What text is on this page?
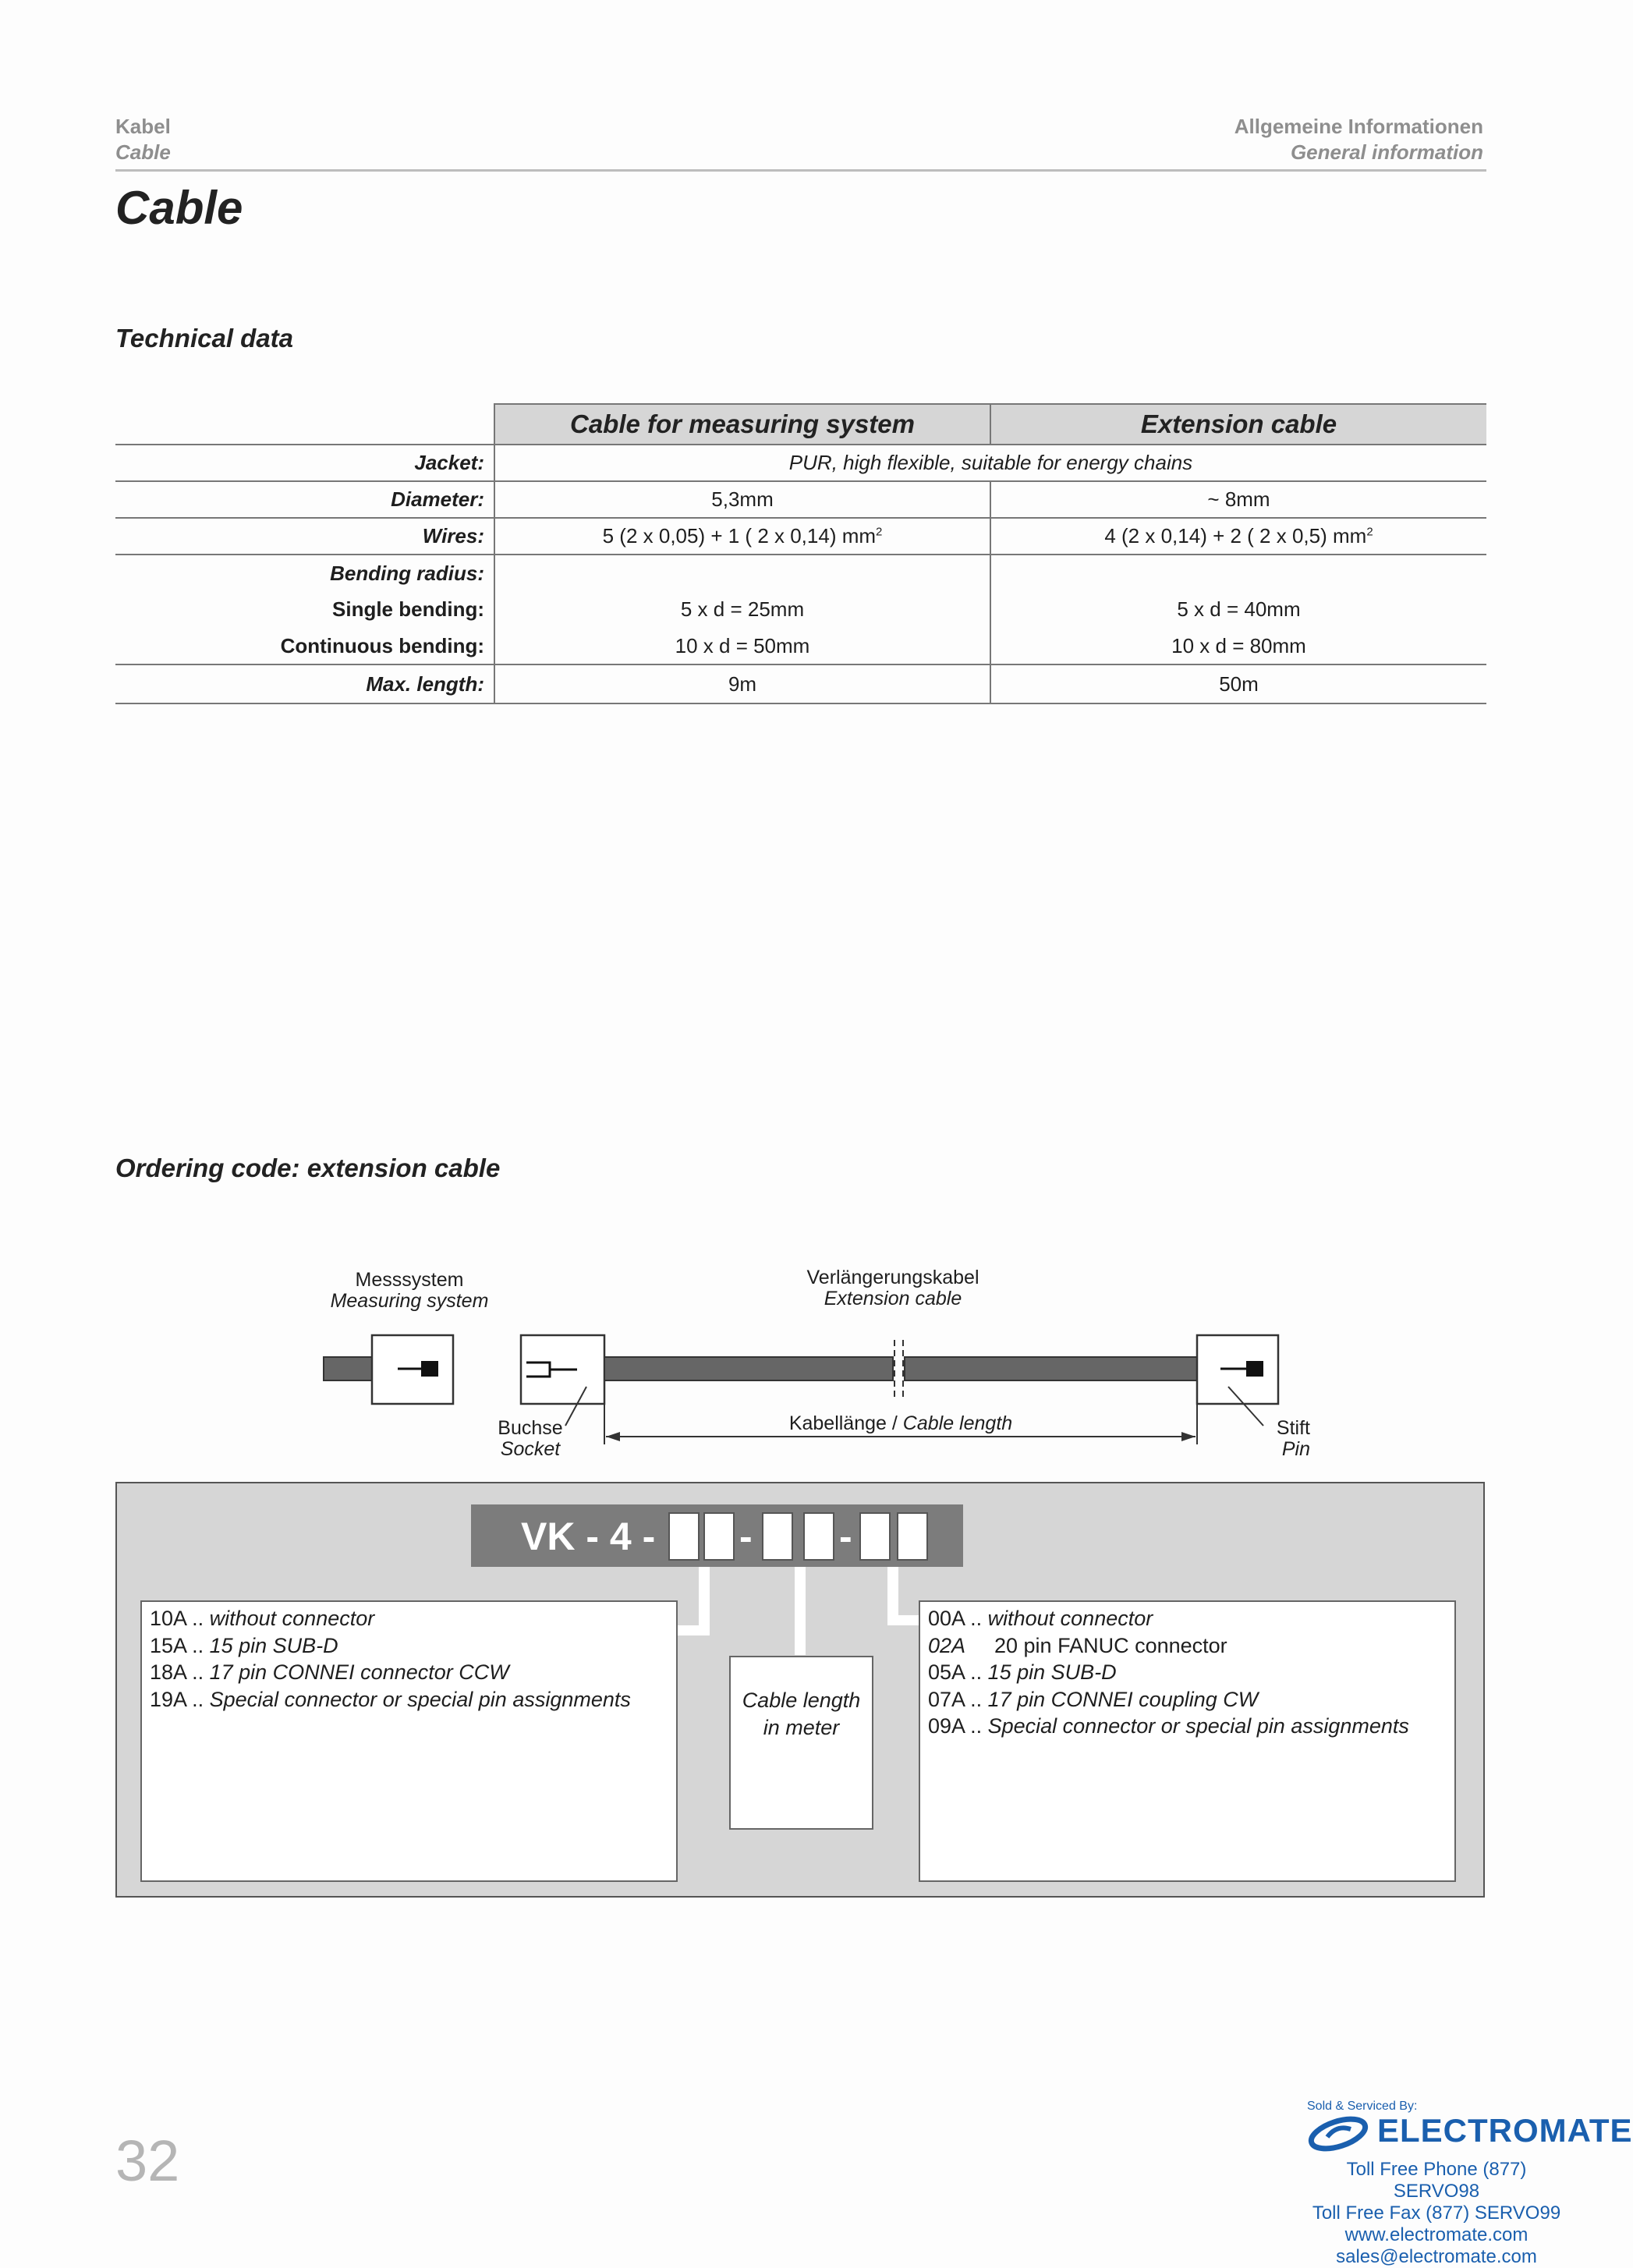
Kabel
Cable
Allgemeine Informationen
General information
Cable
Technical data
	Cable for measuring system	Extension cable
Jacket:	PUR, high flexible, suitable for energy chains	
Diameter:	5,3mm	~ 8mm
Wires:	5 (2 x 0,05) + 1 ( 2 x 0,14) $mm^2$	4 (2 x 0,14) + 2 ( 2 x 0,5) $mm^2$
Bending radius:		
Single bending:	5 x d = 25mm	5 x d = 40mm
Continuous bending:	10 x d = 50mm	10 x d = 80mm
Max. length:	9m	50m
Ordering code: extension cable
Messsystem
Measuring system
Verlängerungskabel
Extension cable
Buchse
Socket
Kabellänge / Cable length	Stift
Pin
VK - 4 - - -
10A .. without connector
15A .. 15 pin SUB-D
18A .. 17 pin CONNEI connector CCW
19A .. Special connector or special pin assignments	Cable length
in meter
00A .. without connector
02A 20 pin FANUC connector
05A .. 15 pin SUB-D
07A .. 17 pin CONNEI coupling CW
09A .. Special connector or special pin assignments
32
Sold & Serviced By:
ELECTROMATE
Toll Free Phone (877) SERVO98
Toll Free Fax (877) SERVO99
www.electromate.com
sales@electromate.com
